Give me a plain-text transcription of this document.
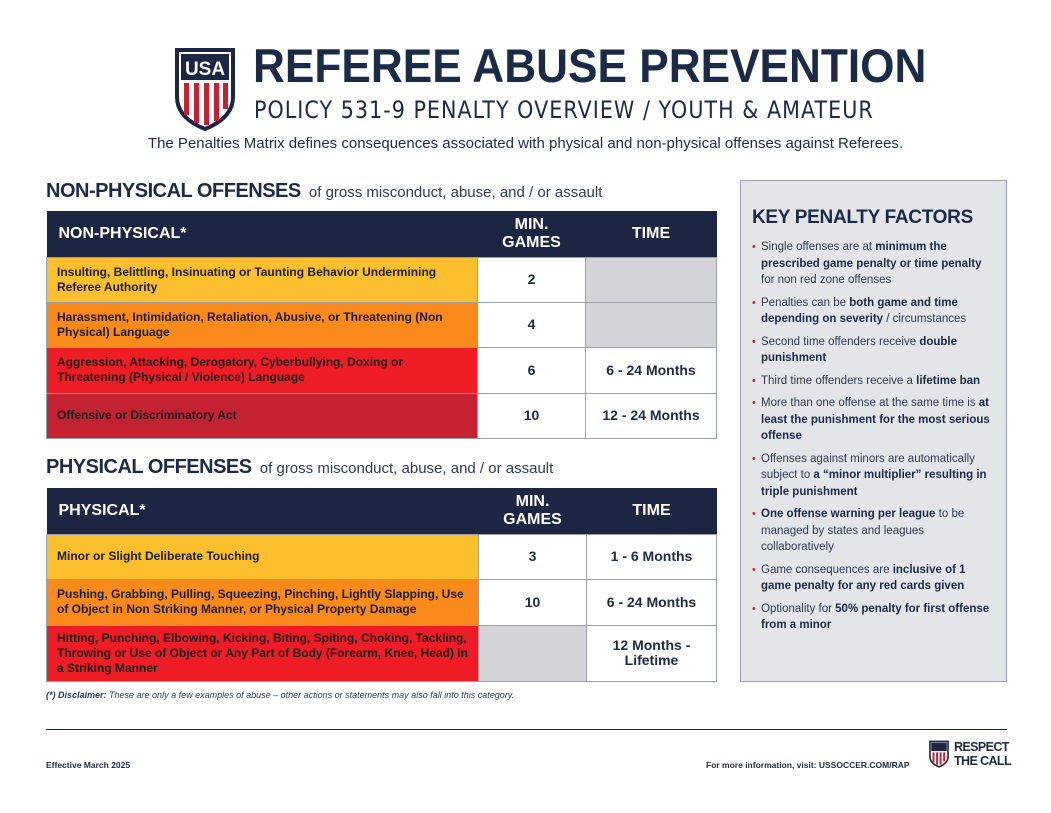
USA REFEREE ABUSE PREVENTION
POLICY 531-9 PENALTY OVERVIEW / YOUTH & AMATEUR
The Penalties Matrix defines consequences associated with physical and non-physical offenses against Referees.
NON-PHYSICAL OFFENSES of gross misconduct, abuse, and / or assault
NON-PHYSICAL*	MIN. GAMES	TIME
Insulting, Belittling, Insinuating or Taunting Behavior Undermining Referee Authority	2	
Harassment, Intimidation, Retaliation, Abusive, or Threatening (Non Physical) Language	4	
Aggression, Attacking, Derogatory, Cyberbullying, Doxing or Threatening (Physical / Violence) Language	6	6 - 24 Months
Offensive or Discriminatory Act	10	12 - 24 Months
PHYSICAL OFFENSES of gross misconduct, abuse, and / or assault
PHYSICAL*	MIN. GAMES	TIME
Minor or Slight Deliberate Touching	3	1 - 6 Months
Pushing, Grabbing, Pulling, Squeezing, Pinching, Lightly Slapping, Use of Object in Non Striking Manner, or Physical Property Damage	10	6 - 24 Months
Hitting, Punching, Elbowing, Kicking, Biting, Spiting, Choking, Tackling, Throwing or Use of Object or Any Part of Body (Forearm, Knee, Head) in a Striking Manner		12 Months - Lifetime
(*) Disclaimer: These are only a few examples of abuse – other actions or statements may also fall into this category.
KEY PENALTY FACTORS
• Single offenses are at minimum the prescribed game penalty or time penalty for non red zone offenses
• Penalties can be both game and time depending on severity / circumstances
• Second time offenders receive double punishment
• Third time offenders receive a lifetime ban
• More than one offense at the same time is at least the punishment for the most serious offense
• Offenses against minors are automatically subject to a “minor multiplier” resulting in triple punishment
• One offense warning per league to be managed by states and leagues collaboratively
• Game consequences are inclusive of 1 game penalty for any red cards given
• Optionality for 50% penalty for first offense from a minor
Effective March 2025	For more information, visit: USSOCCER.COM/RAP
RESPECT
THE CALL
